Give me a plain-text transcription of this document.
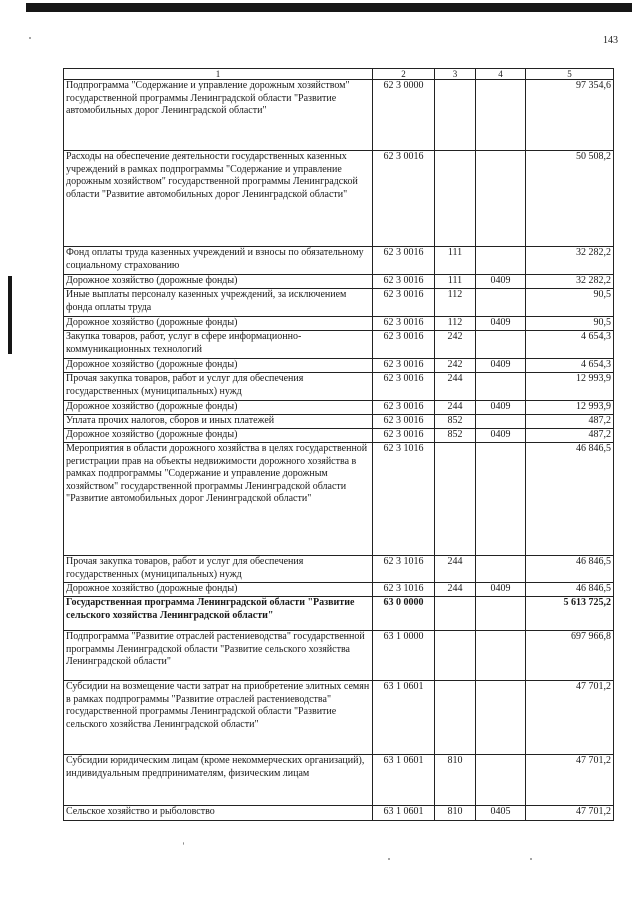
143
1	2	3	4	5
Подпрограмма "Содержание и управление дорожным хозяйством" государственной программы Ленинградской области "Развитие автомобильных дорог Ленинградской области"	62 3 0000			97 354,6
Расходы на обеспечение деятельности государственных казенных учреждений в рамках подпрограммы "Содержание и управление дорожным хозяйством" государственной программы Ленинградской области "Развитие автомобильных дорог Ленинградской области"	62 3 0016			50 508,2
Фонд оплаты труда казенных учреждений и взносы по обязательному социальному страхованию	62 3 0016	111		32 282,2
Дорожное хозяйство (дорожные фонды)	62 3 0016	111	0409	32 282,2
Иные выплаты персоналу казенных учреждений, за исключением фонда оплаты труда	62 3 0016	112		90,5
Дорожное хозяйство (дорожные фонды)	62 3 0016	112	0409	90,5
Закупка товаров, работ, услуг в сфере информационно-коммуникационных технологий	62 3 0016	242		4 654,3
Дорожное хозяйство (дорожные фонды)	62 3 0016	242	0409	4 654,3
Прочая закупка товаров, работ и услуг для обеспечения государственных (муниципальных) нужд	62 3 0016	244		12 993,9
Дорожное хозяйство (дорожные фонды)	62 3 0016	244	0409	12 993,9
Уплата прочих налогов, сборов и иных платежей	62 3 0016	852		487,2
Дорожное хозяйство (дорожные фонды)	62 3 0016	852	0409	487,2
Мероприятия в области дорожного хозяйства в целях государственной регистрации прав на объекты недвижимости дорожного хозяйства в рамках подпрограммы "Содержание и управление дорожным хозяйством" государственной программы Ленинградской области "Развитие автомобильных дорог Ленинградской области"	62 3 1016			46 846,5
Прочая закупка товаров, работ и услуг для обеспечения государственных (муниципальных) нужд	62 3 1016	244		46 846,5
Дорожное хозяйство (дорожные фонды)	62 3 1016	244	0409	46 846,5
Государственная программа Ленинградской области "Развитие сельского хозяйства Ленинградской области"	63 0 0000			5 613 725,2
Подпрограмма "Развитие отраслей растениеводства" государственной программы Ленинградской области "Развитие сельского хозяйства Ленинградской области"	63 1 0000			697 966,8
Субсидии на возмещение части затрат на приобретение элитных семян в рамках подпрограммы "Развитие отраслей растениеводства" государственной программы Ленинградской области "Развитие сельского хозяйства Ленинградской области"	63 1 0601			47 701,2
Субсидии юридическим лицам (кроме некоммерческих организаций), индивидуальным предпринимателям, физическим лицам	63 1 0601	810		47 701,2
Сельское хозяйство и рыболовство	63 1 0601	810	0405	47 701,2
